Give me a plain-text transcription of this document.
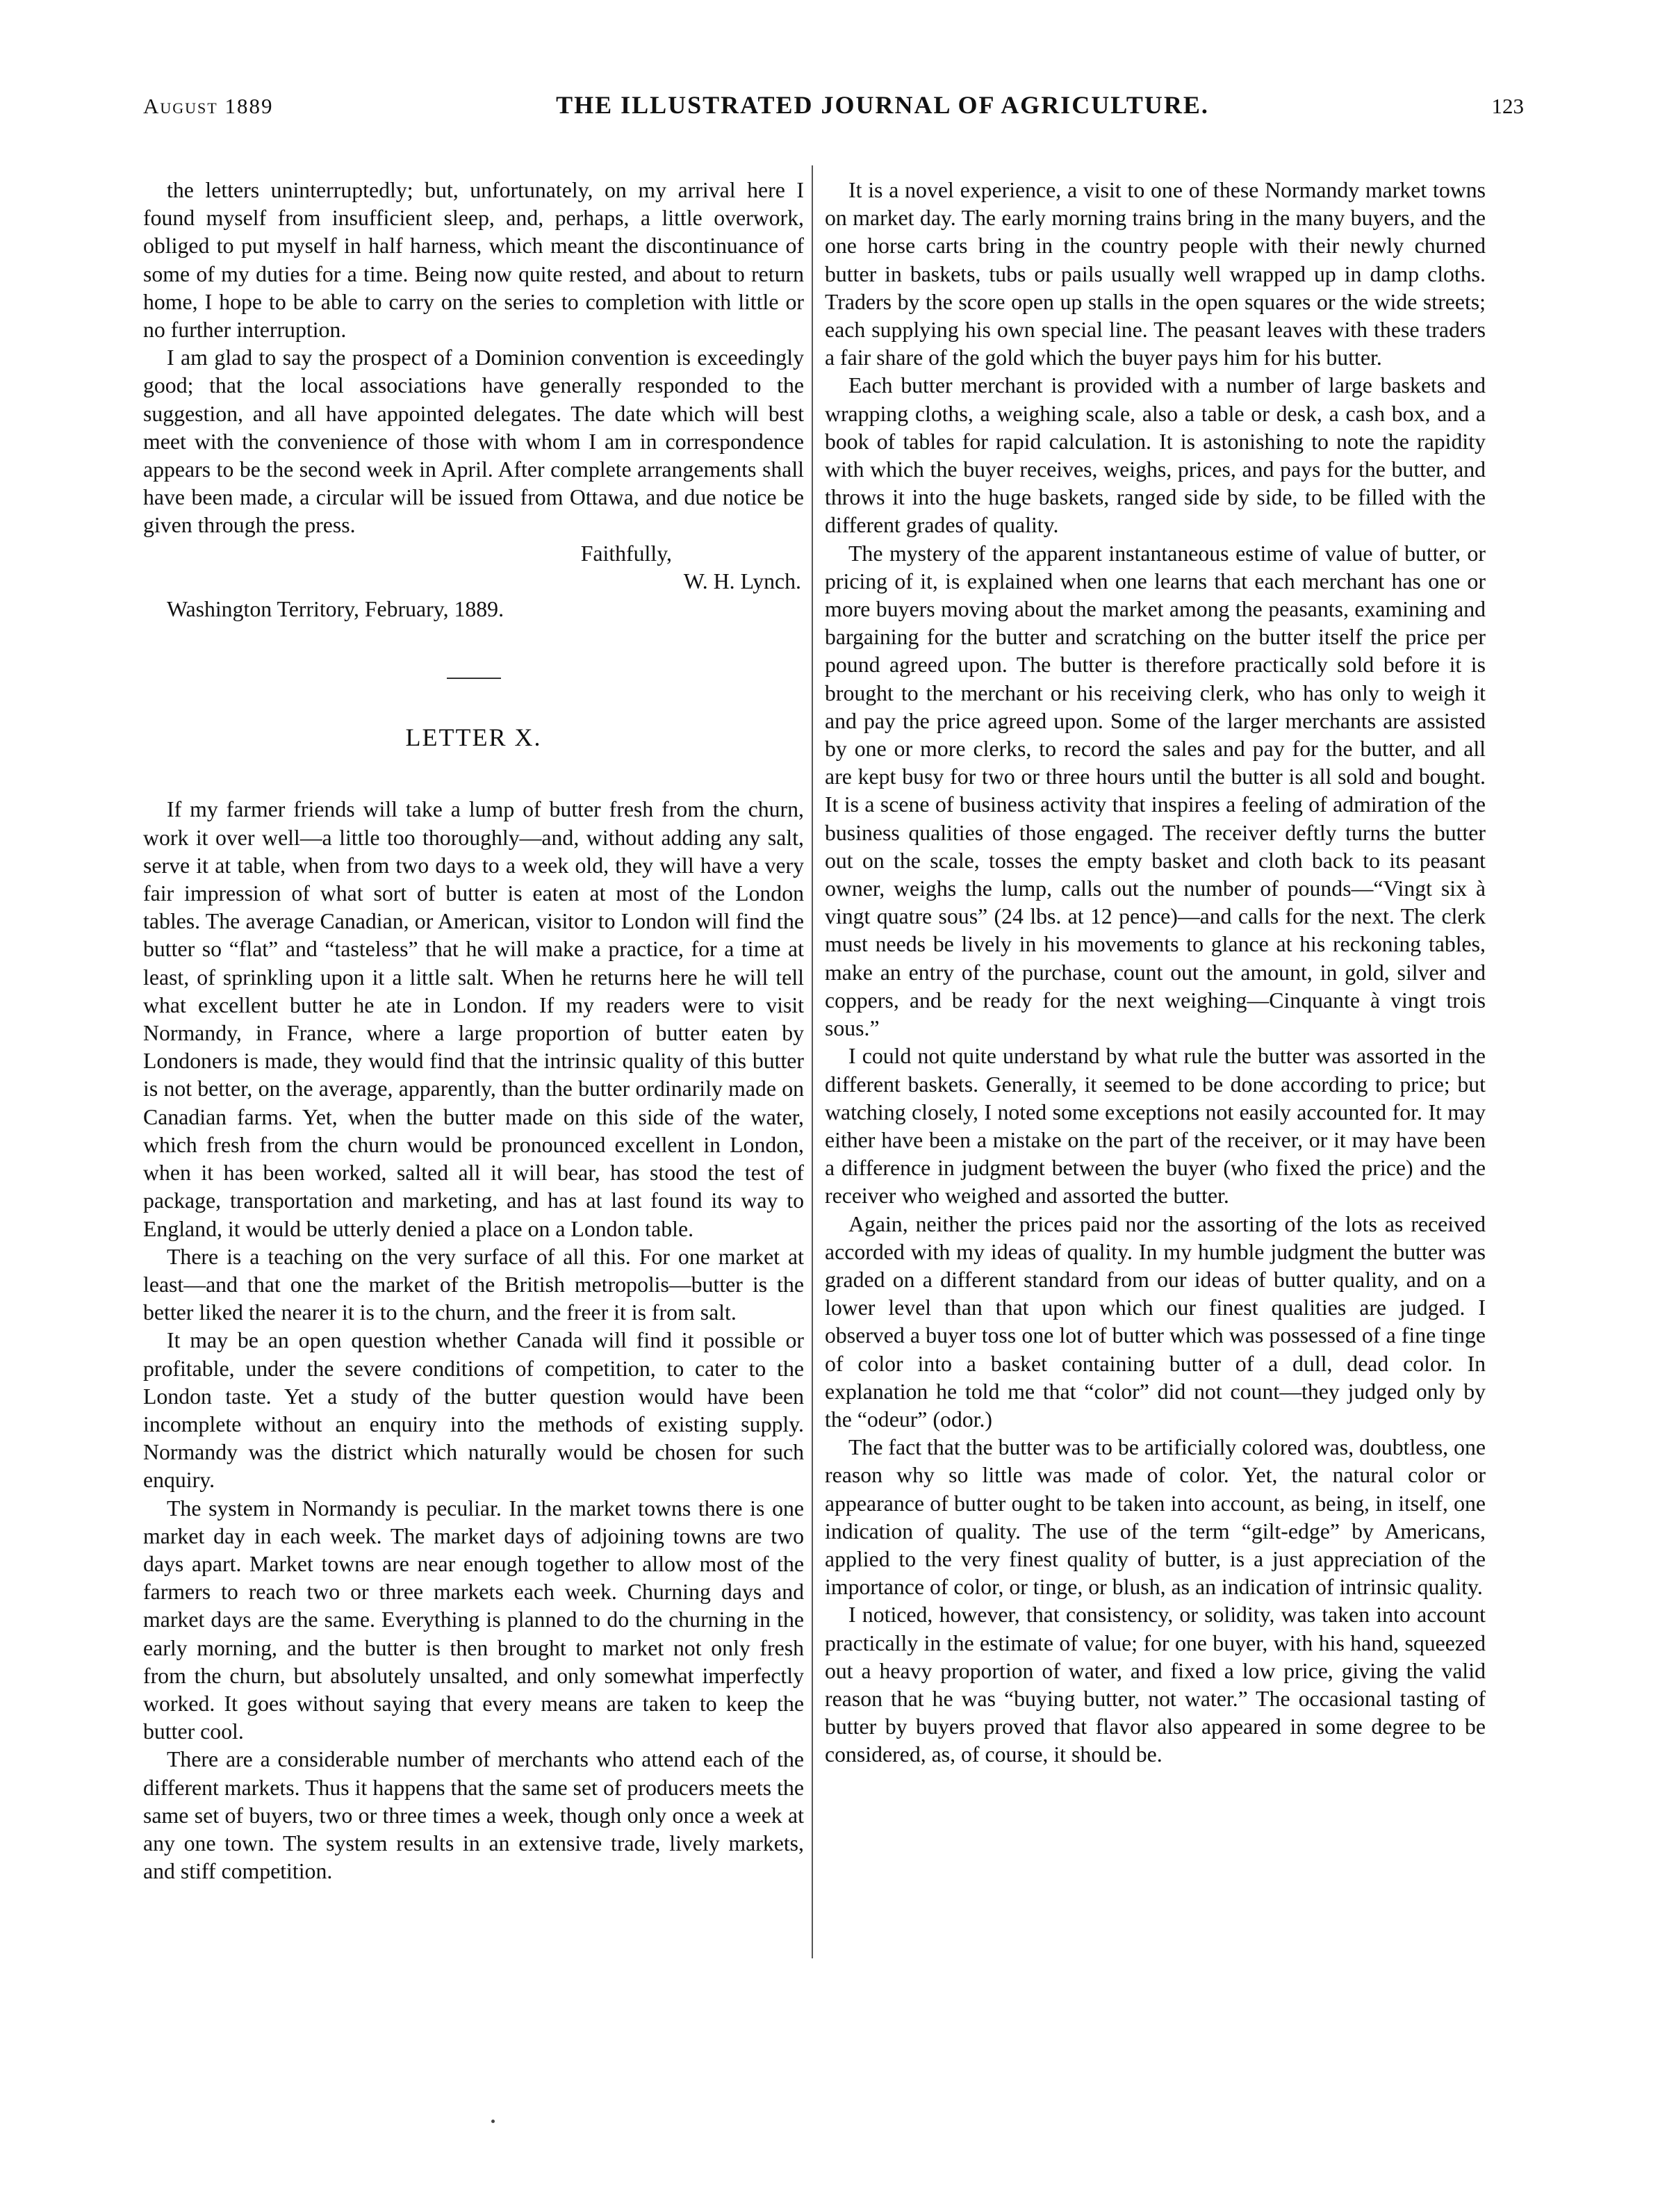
August 1889	THE ILLUSTRATED JOURNAL OF AGRICULTURE.	123

the letters uninterruptedly; but, unfortunately, on my arrival here I found myself from insufficient sleep, and, perhaps, a little overwork, obliged to put myself in half harness, which meant the discontinuance of some of my duties for a time. Being now quite rested, and about to return home, I hope to be able to carry on the series to completion with little or no further interruption.

I am glad to say the prospect of a Dominion convention is exceedingly good; that the local associations have generally responded to the suggestion, and all have appointed delegates. The date which will best meet with the convenience of those with whom I am in correspondence appears to be the second week in April. After complete arrangements shall have been made, a circular will be issued from Ottawa, and due notice be given through the press.

Faithfully,

W. H. Lynch.

Washington Territory, February, 1889.

LETTER X.

If my farmer friends will take a lump of butter fresh from the churn, work it over well—a little too thoroughly—and, without adding any salt, serve it at table, when from two days to a week old, they will have a very fair impression of what sort of butter is eaten at most of the London tables. The average Canadian, or American, visitor to London will find the butter so “flat” and “tasteless” that he will make a practice, for a time at least, of sprinkling upon it a little salt. When he returns here he will tell what excellent butter he ate in London. If my readers were to visit Normandy, in France, where a large proportion of butter eaten by Londoners is made, they would find that the intrinsic quality of this butter is not better, on the average, apparently, than the butter ordinarily made on Canadian farms. Yet, when the butter made on this side of the water, which fresh from the churn would be pronounced excellent in London, when it has been worked, salted all it will bear, has stood the test of package, transportation and marketing, and has at last found its way to England, it would be utterly denied a place on a London table.

There is a teaching on the very surface of all this. For one market at least—and that one the market of the British metropolis—butter is the better liked the nearer it is to the churn, and the freer it is from salt.

It may be an open question whether Canada will find it possible or profitable, under the severe conditions of competition, to cater to the London taste. Yet a study of the butter question would have been incomplete without an enquiry into the methods of existing supply. Normandy was the district which naturally would be chosen for such enquiry.

The system in Normandy is peculiar. In the market towns there is one market day in each week. The market days of adjoining towns are two days apart. Market towns are near enough together to allow most of the farmers to reach two or three markets each week. Churning days and market days are the same. Everything is planned to do the churning in the early morning, and the butter is then brought to market not only fresh from the churn, but absolutely unsalted, and only somewhat imperfectly worked. It goes without saying that every means are taken to keep the butter cool.

There are a considerable number of merchants who attend each of the different markets. Thus it happens that the same set of producers meets the same set of buyers, two or three times a week, though only once a week at any one town. The system results in an extensive trade, lively markets, and stiff competition.

It is a novel experience, a visit to one of these Normandy market towns on market day. The early morning trains bring in the many buyers, and the one horse carts bring in the country people with their newly churned butter in baskets, tubs or pails usually well wrapped up in damp cloths. Traders by the score open up stalls in the open squares or the wide streets; each supplying his own special line. The peasant leaves with these traders a fair share of the gold which the buyer pays him for his butter.

Each butter merchant is provided with a number of large baskets and wrapping cloths, a weighing scale, also a table or desk, a cash box, and a book of tables for rapid calculation. It is astonishing to note the rapidity with which the buyer receives, weighs, prices, and pays for the butter, and throws it into the huge baskets, ranged side by side, to be filled with the different grades of quality.

The mystery of the apparent instantaneous estime of value of butter, or pricing of it, is explained when one learns that each merchant has one or more buyers moving about the market among the peasants, examining and bargaining for the butter and scratching on the butter itself the price per pound agreed upon. The butter is therefore practically sold before it is brought to the merchant or his receiving clerk, who has only to weigh it and pay the price agreed upon. Some of the larger merchants are assisted by one or more clerks, to record the sales and pay for the butter, and all are kept busy for two or three hours until the butter is all sold and bought. It is a scene of business activity that inspires a feeling of admiration of the business qualities of those engaged. The receiver deftly turns the butter out on the scale, tosses the empty basket and cloth back to its peasant owner, weighs the lump, calls out the number of pounds—“Vingt six à vingt quatre sous” (24 lbs. at 12 pence)—and calls for the next. The clerk must needs be lively in his movements to glance at his reckoning tables, make an entry of the purchase, count out the amount, in gold, silver and coppers, and be ready for the next weighing—Cinquante à vingt trois sous.”

I could not quite understand by what rule the butter was assorted in the different baskets. Generally, it seemed to be done according to price; but watching closely, I noted some exceptions not easily accounted for. It may either have been a mistake on the part of the receiver, or it may have been a difference in judgment between the buyer (who fixed the price) and the receiver who weighed and assorted the butter.

Again, neither the prices paid nor the assorting of the lots as received accorded with my ideas of quality. In my humble judgment the butter was graded on a different standard from our ideas of butter quality, and on a lower level than that upon which our finest qualities are judged. I observed a buyer toss one lot of butter which was possessed of a fine tinge of color into a basket containing butter of a dull, dead color. In explanation he told me that “color” did not count—they judged only by the “odeur” (odor.)

The fact that the butter was to be artificially colored was, doubtless, one reason why so little was made of color. Yet, the natural color or appearance of butter ought to be taken into account, as being, in itself, one indication of quality. The use of the term “gilt-edge” by Americans, applied to the very finest quality of butter, is a just appreciation of the importance of color, or tinge, or blush, as an indication of intrinsic quality.

I noticed, however, that consistency, or solidity, was taken into account practically in the estimate of value; for one buyer, with his hand, squeezed out a heavy proportion of water, and fixed a low price, giving the valid reason that he was “buying butter, not water.” The occasional tasting of butter by buyers proved that flavor also appeared in some degree to be considered, as, of course, it should be.
